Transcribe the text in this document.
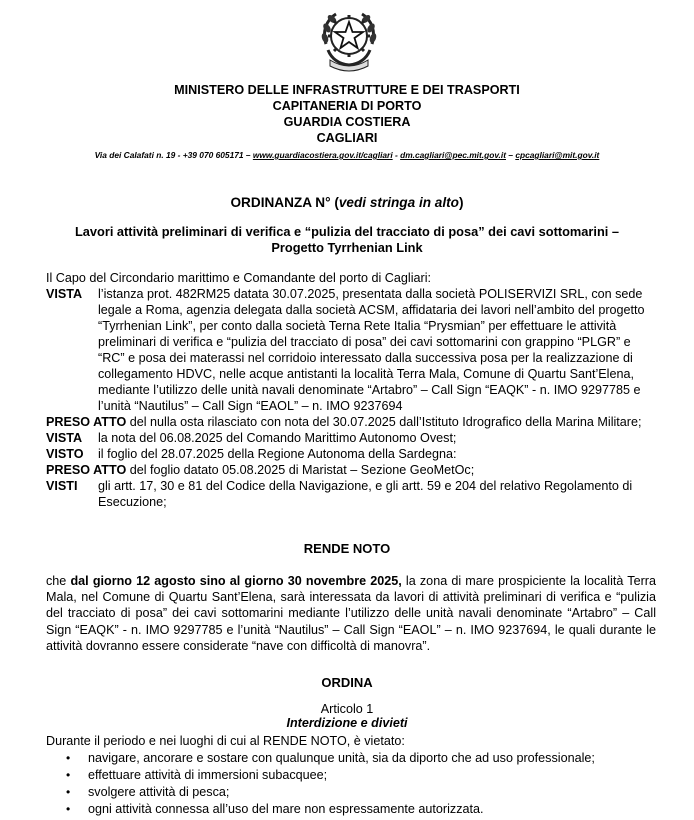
MINISTERO DELLE INFRASTRUTTURE E DEI TRASPORTI
CAPITANERIA DI PORTO
GUARDIA COSTIERA
CAGLIARI
Via dei Calafati n. 19 - +39 070 605171 – www.guardiacostiera.gov.it/cagliari - dm.cagliari@pec.mit.gov.it – cpcagliari@mit.gov.it
ORDINANZA N° (vedi stringa in alto)
Lavori attività preliminari di verifica e “pulizia del tracciato di posa” dei cavi sottomarini –
Progetto Tyrrhenian Link
Il Capo del Circondario marittimo e Comandante del porto di Cagliari:
VISTA	l’istanza prot. 482RM25 datata 30.07.2025, presentata dalla società POLISERVIZI SRL, con sede
legale a Roma, agenzia delegata dalla società ACSM, affidataria dei lavori nell’ambito del progetto
“Tyrrhenian Link”, per conto dalla società Terna Rete Italia “Prysmian” per effettuare le attività
preliminari di verifica e “pulizia del tracciato di posa” dei cavi sottomarini con grappino “PLGR” e
“RC” e posa dei materassi nel corridoio interessato dalla successiva posa per la realizzazione di
collegamento HDVC, nelle acque antistanti la località Terra Mala, Comune di Quartu Sant’Elena,
mediante l’utilizzo delle unità navali denominate “Artabro” – Call Sign “EAQK” - n. IMO 9297785 e
l’unità “Nautilus” – Call Sign “EAOL” – n. IMO 9237694
PRESO ATTO del nulla osta rilasciato con nota del 30.07.2025 dall’Istituto Idrografico della Marina Militare;
VISTA	la nota del 06.08.2025 del Comando Marittimo Autonomo Ovest;
VISTO	il foglio del 28.07.2025 della Regione Autonoma della Sardegna:
PRESO ATTO del foglio datato 05.08.2025 di Maristat – Sezione GeoMetOc;
VISTI	gli artt. 17, 30 e 81 del Codice della Navigazione, e gli artt. 59 e 204 del relativo Regolamento di
Esecuzione;
RENDE NOTO
che dal giorno 12 agosto sino al giorno 30 novembre 2025, la zona di mare prospiciente la località Terra Mala, nel Comune di Quartu Sant’Elena, sarà interessata da lavori di attività preliminari di verifica e “pulizia del tracciato di posa” dei cavi sottomarini mediante l’utilizzo delle unità navali denominate “Artabro” – Call Sign “EAQK” - n. IMO 9297785 e l’unità “Nautilus” – Call Sign “EAOL” – n. IMO 9237694, le quali durante le attività dovranno essere considerate “nave con difficoltà di manovra”.
ORDINA
Articolo 1
Interdizione e divieti
Durante il periodo e nei luoghi di cui al RENDE NOTO, è vietato:
• navigare, ancorare e sostare con qualunque unità, sia da diporto che ad uso professionale;
• effettuare attività di immersioni subacquee;
• svolgere attività di pesca;
• ogni attività connessa all’uso del mare non espressamente autorizzata.
